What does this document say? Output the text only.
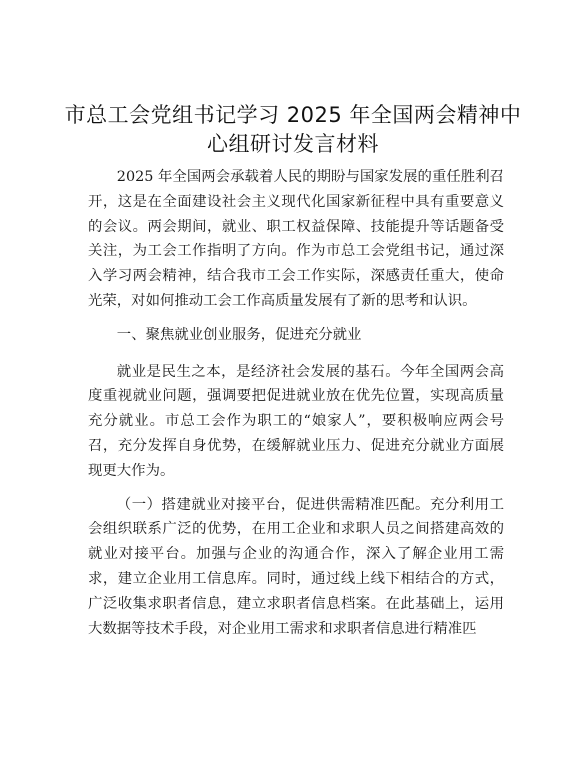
市总工会党组书记学习 2025 年全国两会精神中
心组研讨发言材料

2025 年全国两会承载着人民的期盼与国家发展的重任胜利召开，这是在全面建设社会主义现代化国家新征程中具有重要意义的会议。两会期间，就业、职工权益保障、技能提升等话题备受关注，为工会工作指明了方向。作为市总工会党组书记，通过深入学习两会精神，结合我市工会工作实际，深感责任重大，使命光荣，对如何推动工会工作高质量发展有了新的思考和认识。

一、聚焦就业创业服务，促进充分就业

就业是民生之本，是经济社会发展的基石。今年全国两会高度重视就业问题，强调要把促进就业放在优先位置，实现高质量充分就业。市总工会作为职工的“娘家人”，要积极响应两会号召，充分发挥自身优势，在缓解就业压力、促进充分就业方面展现更大作为。

（一）搭建就业对接平台，促进供需精准匹配。充分利用工会组织联系广泛的优势，在用工企业和求职人员之间搭建高效的就业对接平台。加强与企业的沟通合作，深入了解企业用工需求，建立企业用工信息库。同时，通过线上线下相结合的方式，广泛收集求职者信息，建立求职者信息档案。在此基础上，运用大数据等技术手段，对企业用工需求和求职者信息进行精准匹
